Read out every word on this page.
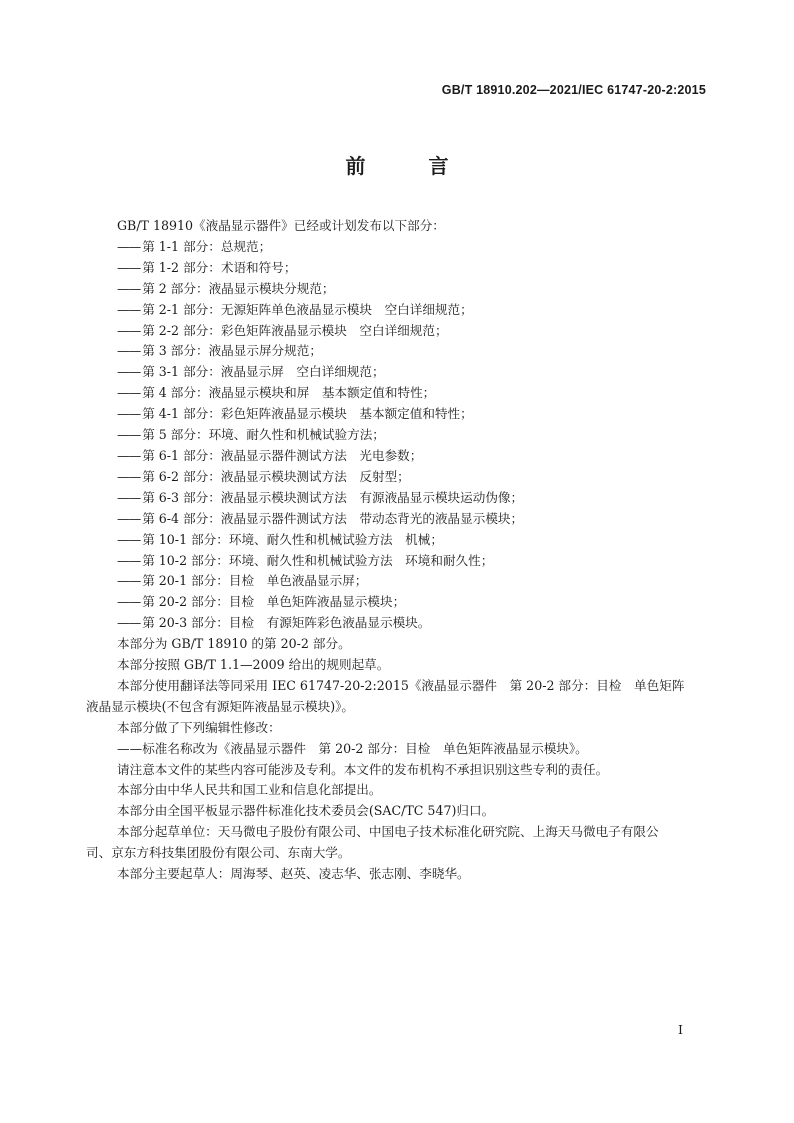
GB/T 18910.202—2021/IEC 61747-20-2:2015
前 言

GB/T 18910《液晶显示器件》已经或计划发布以下部分：

—— 第 1-1 部分：总规范；

—— 第 1-2 部分：术语和符号；

—— 第 2 部分：液晶显示模块分规范；

—— 第 2-1 部分：无源矩阵单色液晶显示模块　空白详细规范；

—— 第 2-2 部分：彩色矩阵液晶显示模块　空白详细规范；

—— 第 3 部分：液晶显示屏分规范；

—— 第 3-1 部分：液晶显示屏　空白详细规范；

—— 第 4 部分：液晶显示模块和屏　基本额定值和特性；

—— 第 4-1 部分：彩色矩阵液晶显示模块　基本额定值和特性；

—— 第 5 部分：环境、耐久性和机械试验方法；

—— 第 6-1 部分：液晶显示器件测试方法　光电参数；

—— 第 6-2 部分：液晶显示模块测试方法　反射型；

—— 第 6-3 部分：液晶显示模块测试方法　有源液晶显示模块运动伪像；

—— 第 6-4 部分：液晶显示器件测试方法　带动态背光的液晶显示模块；

—— 第 10-1 部分：环境、耐久性和机械试验方法　机械；

—— 第 10-2 部分：环境、耐久性和机械试验方法　环境和耐久性；

—— 第 20-1 部分：目检　单色液晶显示屏；

—— 第 20-2 部分：目检　单色矩阵液晶显示模块；

—— 第 20-3 部分：目检　有源矩阵彩色液晶显示模块。

本部分为 GB/T 18910 的第 20-2 部分。

本部分按照 GB/T 1.1—2009 给出的规则起草。

本部分使用翻译法等同采用 IEC 61747-20-2:2015《液晶显示器件　第 20-2 部分：目检　单色矩阵
液晶显示模块(不包含有源矩阵液晶显示模块)》。

本部分做了下列编辑性修改：

——标准名称改为《液晶显示器件　第 20-2 部分：目检　单色矩阵液晶显示模块》。

请注意本文件的某些内容可能涉及专利。本文件的发布机构不承担识别这些专利的责任。

本部分由中华人民共和国工业和信息化部提出。

本部分由全国平板显示器件标准化技术委员会(SAC/TC 547)归口。

本部分起草单位：天马微电子股份有限公司、中国电子技术标准化研究院、上海天马微电子有限公
司、京东方科技集团股份有限公司、东南大学。

本部分主要起草人：周海琴、赵英、凌志华、张志刚、李晓华。

I
